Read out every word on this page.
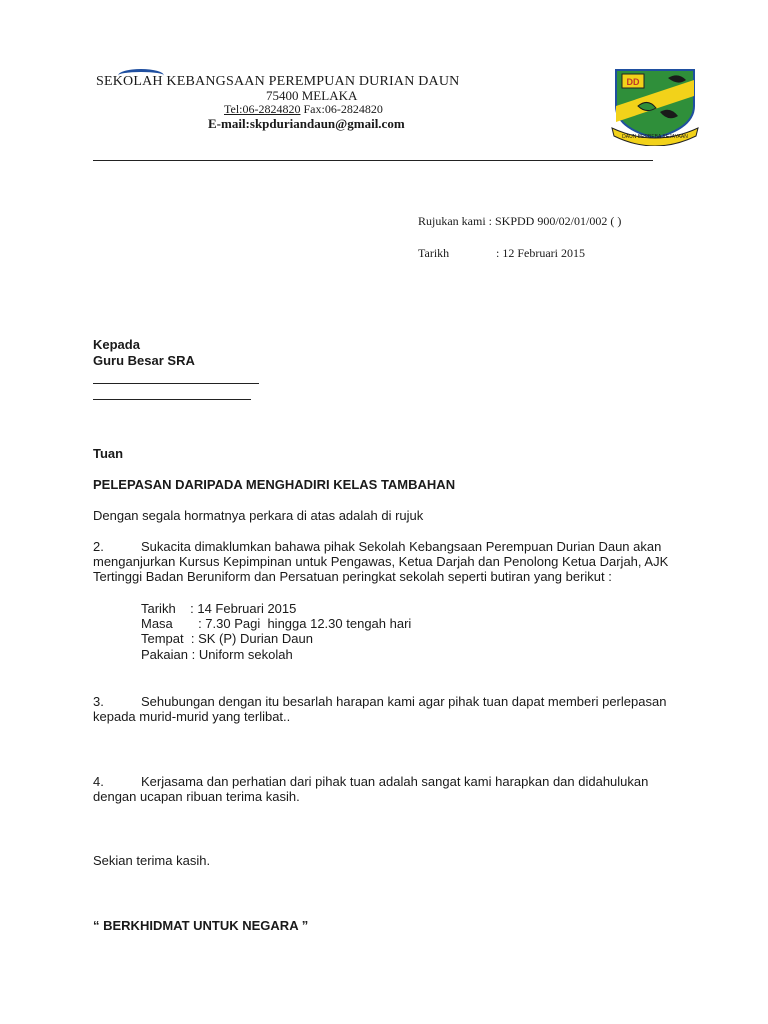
SEKOLAH KEBANGSAAN PEREMPUAN DURIAN DAUN
75400 MELAKA
Tel:06-2824820 Fax:06-2824820
E-mail:skpduriandaun@gmail.com
DD
DAUN BERBEBA KEJAYAAN
Rujukan kami : SKPDD 900/02/01/002 ( )
Tarikh	: 12 Februari 2015
Kepada
Guru Besar SRA
Tuan
PELEPASAN DARIPADA MENGHADIRI KELAS TAMBAHAN
Dengan segala hormatnya perkara di atas adalah di rujuk
2.	Sukacita dimaklumkan bahawa pihak Sekolah Kebangsaan Perempuan Durian Daun akan menganjurkan Kursus Kepimpinan untuk Pengawas, Ketua Darjah dan Penolong Ketua Darjah, AJK Tertinggi Badan Beruniform dan Persatuan peringkat sekolah seperti butiran yang berikut :
Tarikh    : 14 Februari 2015
Masa       : 7.30 Pagi  hingga 12.30 tengah hari
Tempat  : SK (P) Durian Daun
Pakaian : Uniform sekolah
3.	Sehubungan dengan itu besarlah harapan kami agar pihak tuan dapat memberi perlepasan kepada murid-murid yang terlibat..
4.	Kerjasama dan perhatian dari pihak tuan adalah sangat kami harapkan dan didahulukan dengan ucapan ribuan terima kasih.
Sekian terima kasih.
“ BERKHIDMAT UNTUK NEGARA ”
